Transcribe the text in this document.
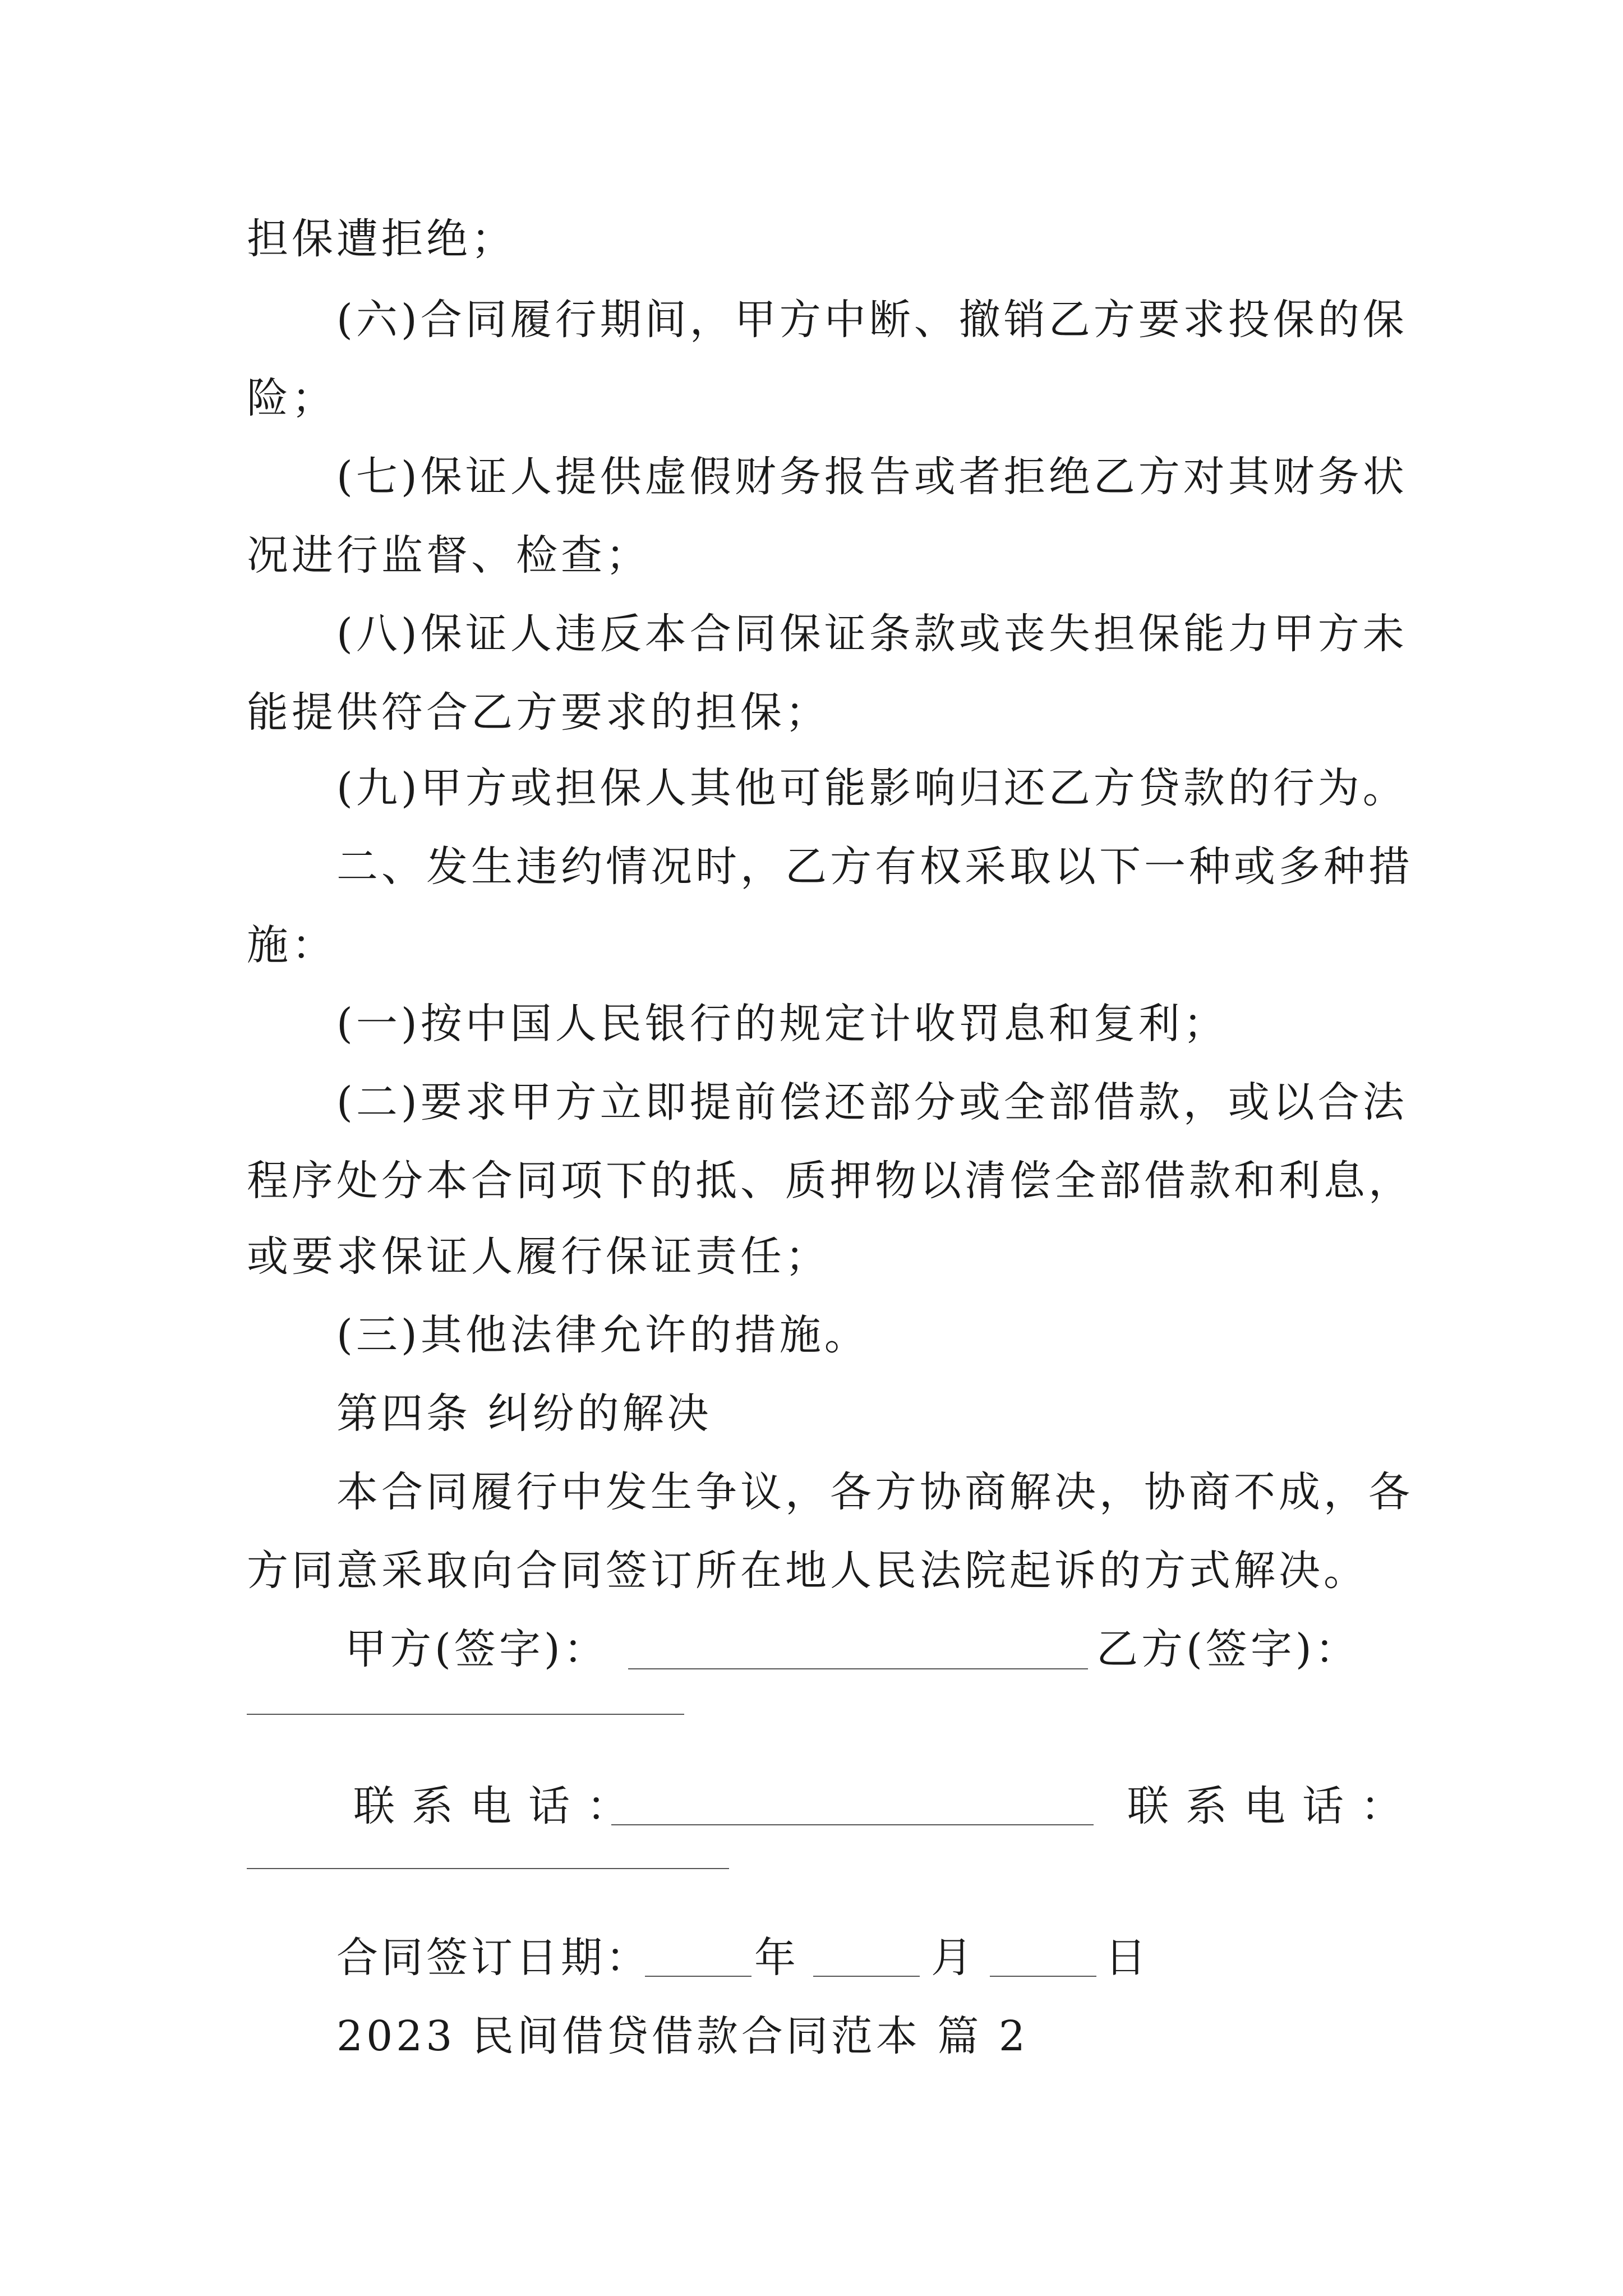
担保遭拒绝；
(六)合同履行期间，甲方中断、撤销乙方要求投保的保
险；
(七)保证人提供虚假财务报告或者拒绝乙方对其财务状
况进行监督、检查；
(八)保证人违反本合同保证条款或丧失担保能力甲方未
能提供符合乙方要求的担保；
(九)甲方或担保人其他可能影响归还乙方贷款的行为。
二、发生违约情况时，乙方有权采取以下一种或多种措
施：
(一)按中国人民银行的规定计收罚息和复利；
(二)要求甲方立即提前偿还部分或全部借款，或以合法
程序处分本合同项下的抵、质押物以清偿全部借款和利息，
或要求保证人履行保证责任；
(三)其他法律允许的措施。
第四条 纠纷的解决
本合同履行中发生争议，各方协商解决，协商不成，各
方同意采取向合同签订所在地人民法院起诉的方式解决。
甲方(签字)：	乙方(签字)：
联系电话：	联系电话：
合同签订日期：	年	月	日
2023 民间借贷借款合同范本 篇 2
